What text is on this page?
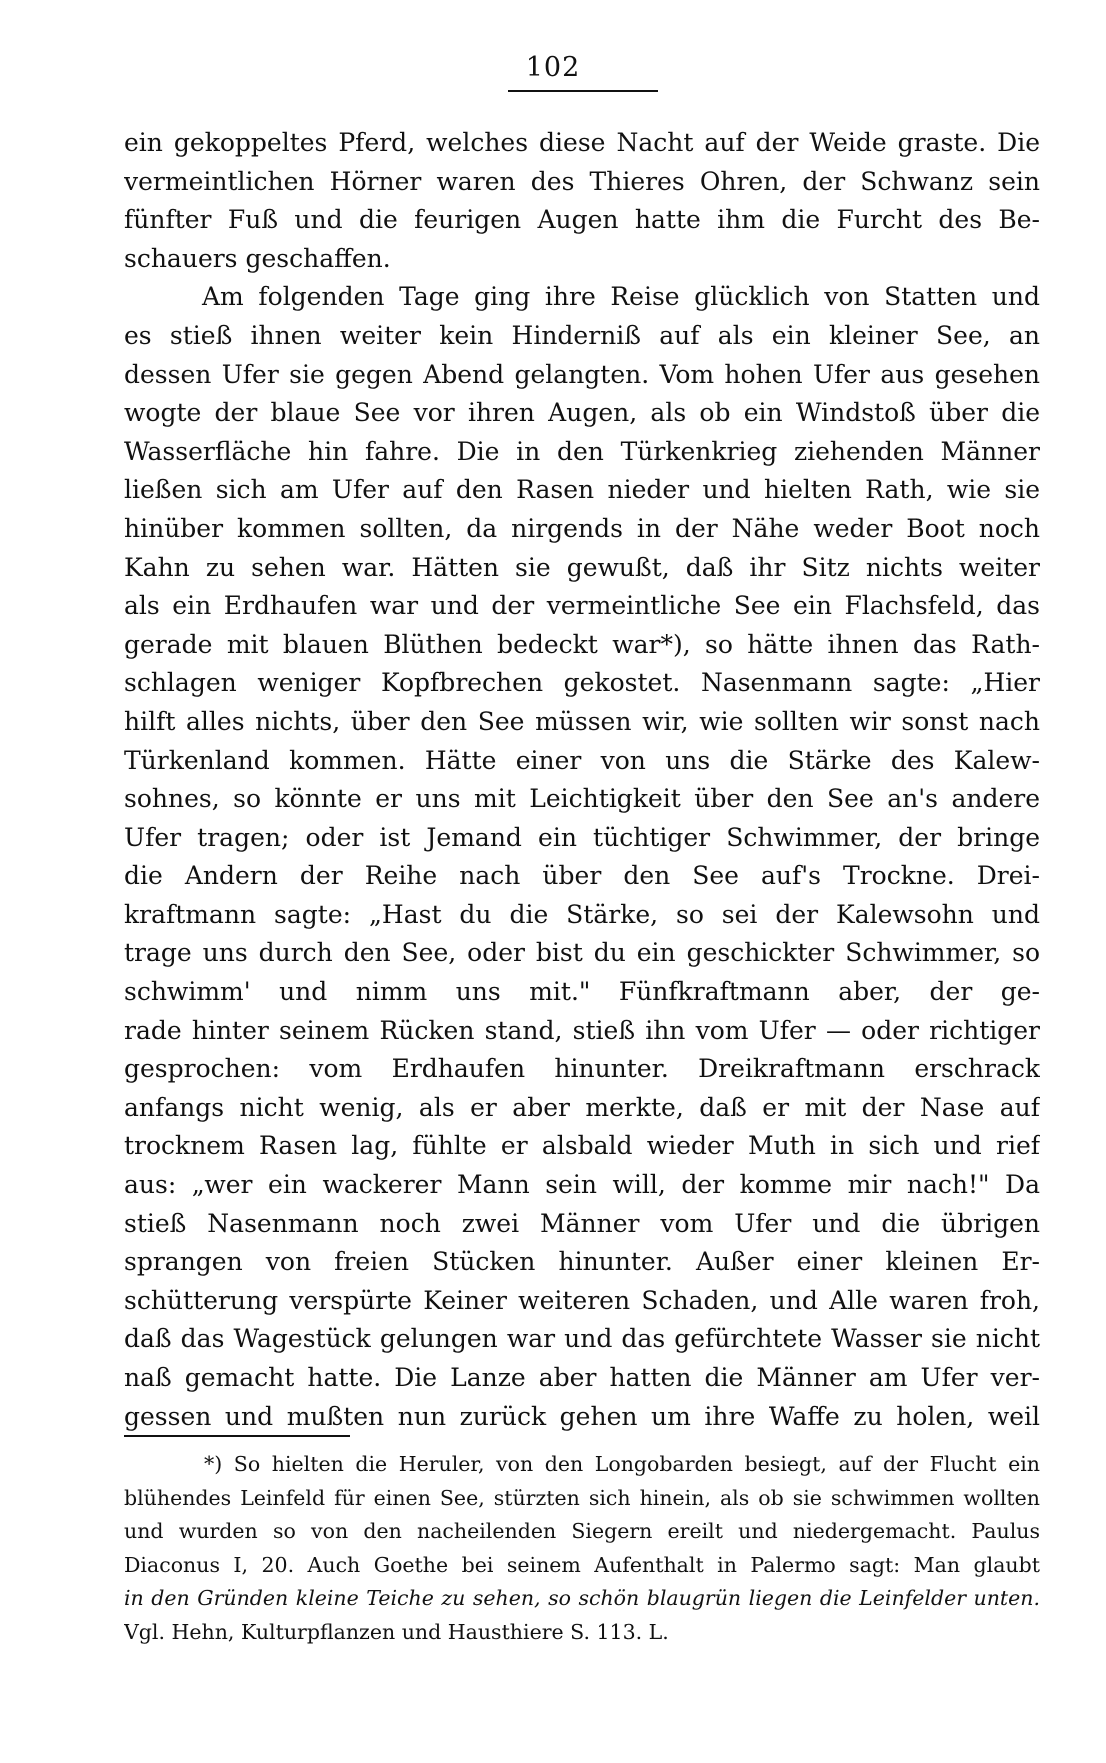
102
ein gekoppeltes Pferd, welches diese Nacht auf der Weide graste. Die
vermeintlichen Hörner waren des Thieres Ohren, der Schwanz sein
fünfter Fuß und die feurigen Augen hatte ihm die Furcht des Be-
schauers geschaffen.
Am folgenden Tage ging ihre Reise glücklich von Statten und
es stieß ihnen weiter kein Hinderniß auf als ein kleiner See, an
dessen Ufer sie gegen Abend gelangten. Vom hohen Ufer aus gesehen
wogte der blaue See vor ihren Augen, als ob ein Windstoß über die
Wasserfläche hin fahre. Die in den Türkenkrieg ziehenden Männer
ließen sich am Ufer auf den Rasen nieder und hielten Rath, wie sie
hinüber kommen sollten, da nirgends in der Nähe weder Boot noch
Kahn zu sehen war. Hätten sie gewußt, daß ihr Sitz nichts weiter
als ein Erdhaufen war und der vermeintliche See ein Flachsfeld, das
gerade mit blauen Blüthen bedeckt war*), so hätte ihnen das Rath-
schlagen weniger Kopfbrechen gekostet. Nasenmann sagte: „Hier
hilft alles nichts, über den See müssen wir, wie sollten wir sonst nach
Türkenland kommen. Hätte einer von uns die Stärke des Kalew-
sohnes, so könnte er uns mit Leichtigkeit über den See an's andere
Ufer tragen; oder ist Jemand ein tüchtiger Schwimmer, der bringe
die Andern der Reihe nach über den See auf's Trockne. Drei-
kraftmann sagte: „Hast du die Stärke, so sei der Kalewsohn und
trage uns durch den See, oder bist du ein geschickter Schwimmer, so
schwimm' und nimm uns mit." Fünfkraftmann aber, der ge-
rade hinter seinem Rücken stand, stieß ihn vom Ufer — oder richtiger
gesprochen: vom Erdhaufen hinunter. Dreikraftmann erschrack
anfangs nicht wenig, als er aber merkte, daß er mit der Nase auf
trocknem Rasen lag, fühlte er alsbald wieder Muth in sich und rief
aus: „wer ein wackerer Mann sein will, der komme mir nach!" Da
stieß Nasenmann noch zwei Männer vom Ufer und die übrigen
sprangen von freien Stücken hinunter. Außer einer kleinen Er-
schütterung verspürte Keiner weiteren Schaden, und Alle waren froh,
daß das Wagestück gelungen war und das gefürchtete Wasser sie nicht
naß gemacht hatte. Die Lanze aber hatten die Männer am Ufer ver-
gessen und mußten nun zurück gehen um ihre Waffe zu holen, weil
*) So hielten die Heruler, von den Longobarden besiegt, auf der Flucht ein
blühendes Leinfeld für einen See, stürzten sich hinein, als ob sie schwimmen wollten
und wurden so von den nacheilenden Siegern ereilt und niedergemacht. Paulus
Diaconus I, 20. Auch Goethe bei seinem Aufenthalt in Palermo sagt: Man glaubt
in den Gründen kleine Teiche zu sehen, so schön blaugrün liegen die Leinfelder unten.
Vgl. Hehn, Kulturpflanzen und Hausthiere S. 113. L.
